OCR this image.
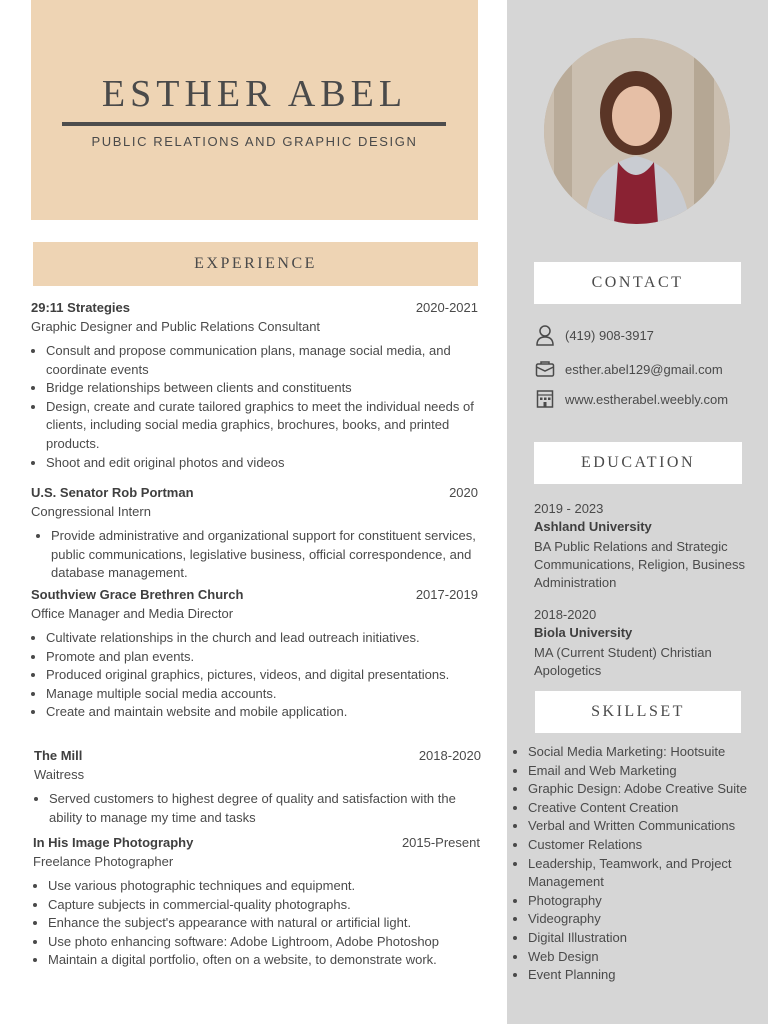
ESTHER ABEL
PUBLIC RELATIONS AND GRAPHIC DESIGN
EXPERIENCE
29:11 Strategies	2020-2021
Graphic Designer and Public Relations Consultant
• Consult and propose communication plans, manage social media, and coordinate events
• Bridge relationships between clients and constituents
• Design, create and curate tailored graphics to meet the individual needs of clients, including social media graphics, brochures, books, and printed products.
• Shoot and edit original photos and videos
U.S. Senator Rob Portman	2020
Congressional Intern
• Provide administrative and organizational support for constituent services, public communications, legislative business, official correspondence, and database management.
Southview Grace Brethren Church	2017-2019
Office Manager and Media Director
• Cultivate relationships in the church and lead outreach initiatives.
• Promote and plan events.
• Produced original graphics, pictures, videos, and digital presentations.
• Manage multiple social media accounts.
• Create and maintain website and mobile application.
The Mill	2018-2020
Waitress
• Served customers to highest degree of quality and satisfaction with the ability to manage my time and tasks
In His Image Photography	2015-Present
Freelance Photographer
• Use various photographic techniques and equipment.
• Capture subjects in commercial-quality photographs.
• Enhance the subject's appearance with natural or artificial light.
• Use photo enhancing software: Adobe Lightroom, Adobe Photoshop
• Maintain a digital portfolio, often on a website, to demonstrate work.
CONTACT
(419) 908-3917
esther.abel129@gmail.com
www.estherabel.weebly.com
EDUCATION
2019 - 2023
Ashland University
BA Public Relations and Strategic Communications, Religion, Business Administration
2018-2020
Biola University
MA (Current Student) Christian Apologetics
SKILLSET
• Social Media Marketing: Hootsuite
• Email and Web Marketing
• Graphic Design: Adobe Creative Suite
• Creative Content Creation
• Verbal and Written Communications
• Customer Relations
• Leadership, Teamwork, and Project Management
• Photography
• Videography
• Digital Illustration
• Web Design
• Event Planning
